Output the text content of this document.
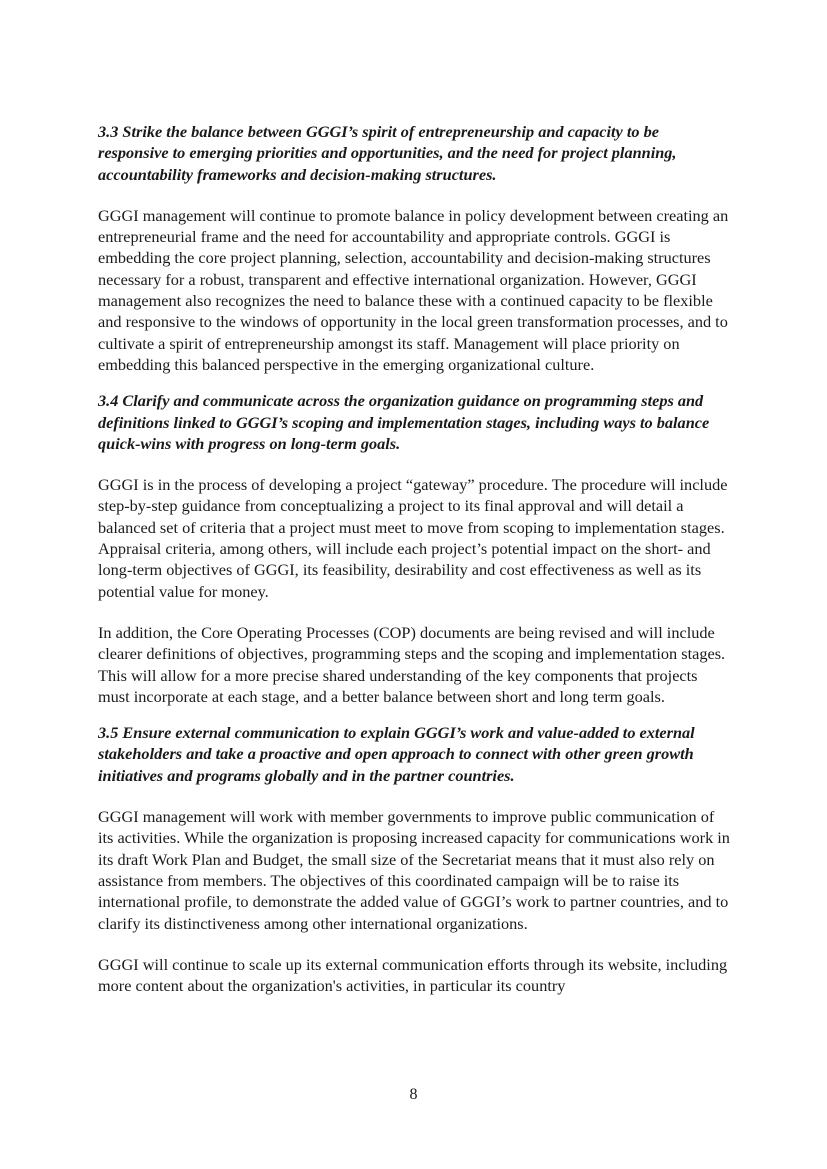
3.3 Strike the balance between GGGI’s spirit of entrepreneurship and capacity to be responsive to emerging priorities and opportunities, and the need for project planning, accountability frameworks and decision-making structures.

GGGI management will continue to promote balance in policy development between creating an entrepreneurial frame and the need for accountability and appropriate controls. GGGI is embedding the core project planning, selection, accountability and decision-making structures necessary for a robust, transparent and effective international organization. However, GGGI management also recognizes the need to balance these with a continued capacity to be flexible and responsive to the windows of opportunity in the local green transformation processes, and to cultivate a spirit of entrepreneurship amongst its staff. Management will place priority on embedding this balanced perspective in the emerging organizational culture.

3.4 Clarify and communicate across the organization guidance on programming steps and definitions linked to GGGI’s scoping and implementation stages, including ways to balance quick-wins with progress on long-term goals.

GGGI is in the process of developing a project “gateway” procedure. The procedure will include step-by-step guidance from conceptualizing a project to its final approval and will detail a balanced set of criteria that a project must meet to move from scoping to implementation stages. Appraisal criteria, among others, will include each project’s potential impact on the short- and long-term objectives of GGGI, its feasibility, desirability and cost effectiveness as well as its potential value for money.

In addition, the Core Operating Processes (COP) documents are being revised and will include clearer definitions of objectives, programming steps and the scoping and implementation stages. This will allow for a more precise shared understanding of the key components that projects must incorporate at each stage, and a better balance between short and long term goals.

3.5 Ensure external communication to explain GGGI’s work and value-added to external stakeholders and take a proactive and open approach to connect with other green growth initiatives and programs globally and in the partner countries.

GGGI management will work with member governments to improve public communication of its activities. While the organization is proposing increased capacity for communications work in its draft Work Plan and Budget, the small size of the Secretariat means that it must also rely on assistance from members. The objectives of this coordinated campaign will be to raise its international profile, to demonstrate the added value of GGGI’s work to partner countries, and to clarify its distinctiveness among other international organizations.

GGGI will continue to scale up its external communication efforts through its website, including more content about the organization's activities, in particular its country

8
